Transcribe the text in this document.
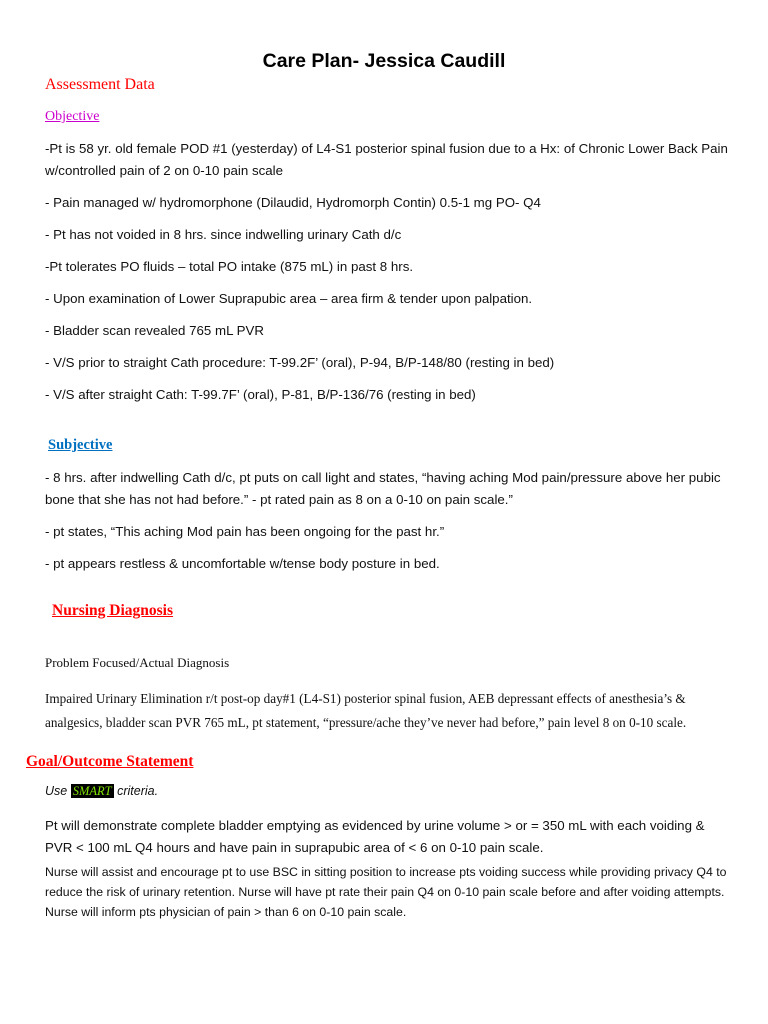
Care Plan- Jessica Caudill
Assessment Data
Objective
-Pt is 58 yr. old female POD #1 (yesterday) of L4-S1 posterior spinal fusion due to a Hx: of Chronic Lower Back Pain w/controlled pain of 2 on 0-10 pain scale
- Pain managed w/ hydromorphone (Dilaudid, Hydromorph Contin) 0.5-1 mg PO- Q4
- Pt has not voided in 8 hrs. since indwelling urinary Cath d/c
-Pt tolerates PO fluids – total PO intake (875 mL) in past 8 hrs.
- Upon examination of Lower Suprapubic area – area firm & tender upon palpation.
- Bladder scan revealed 765 mL PVR
- V/S prior to straight Cath procedure: T-99.2F’ (oral), P-94, B/P-148/80 (resting in bed)
- V/S after straight Cath: T-99.7F’ (oral), P-81, B/P-136/76 (resting in bed)
Subjective
- 8 hrs. after indwelling Cath d/c, pt puts on call light and states, “having aching Mod pain/pressure above her pubic bone that she has not had before.” - pt rated pain as 8 on a 0-10 on pain scale.”
- pt states, “This aching Mod pain has been ongoing for the past hr.”
- pt appears restless & uncomfortable w/tense body posture in bed.
Nursing Diagnosis
Problem Focused/Actual Diagnosis
Impaired Urinary Elimination r/t post-op day#1 (L4-S1) posterior spinal fusion, AEB depressant effects of anesthesia’s & analgesics, bladder scan PVR 765 mL, pt statement, “pressure/ache they’ve never had before,” pain level 8 on 0-10 scale.
Goal/Outcome Statement
Use SMART criteria.
Pt will demonstrate complete bladder emptying as evidenced by urine volume > or = 350 mL with each voiding & PVR < 100 mL Q4 hours and have pain in suprapubic area of < 6 on 0-10 pain scale.
Nurse will assist and encourage pt to use BSC in sitting position to increase pts voiding success while providing privacy Q4 to reduce the risk of urinary retention. Nurse will have pt rate their pain Q4 on 0-10 pain scale before and after voiding attempts. Nurse will inform pts physician of pain > than 6 on 0-10 pain scale.
